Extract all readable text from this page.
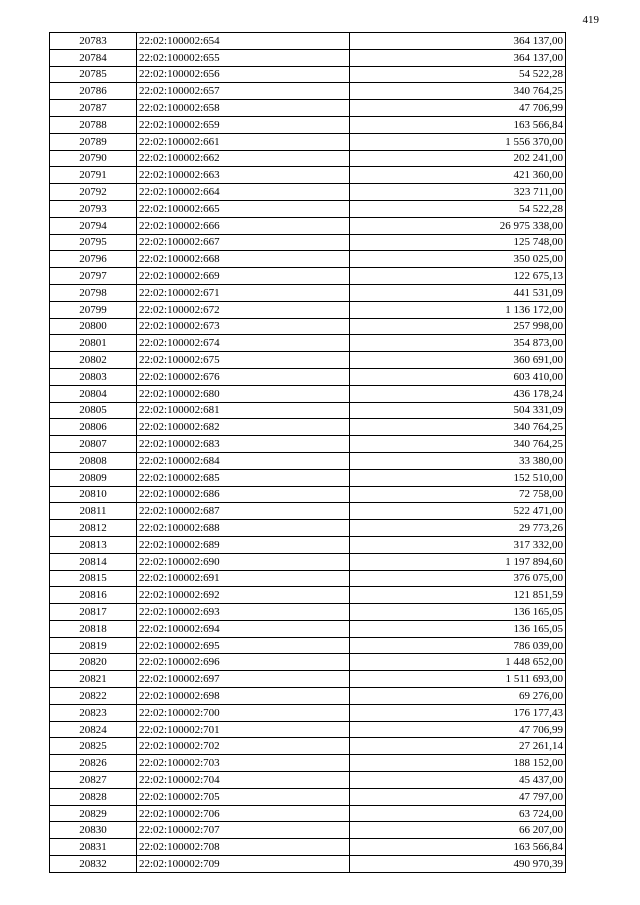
419
20783	22:02:100002:654	364 137,00
20784	22:02:100002:655	364 137,00
20785	22:02:100002:656	54 522,28
20786	22:02:100002:657	340 764,25
20787	22:02:100002:658	47 706,99
20788	22:02:100002:659	163 566,84
20789	22:02:100002:661	1 556 370,00
20790	22:02:100002:662	202 241,00
20791	22:02:100002:663	421 360,00
20792	22:02:100002:664	323 711,00
20793	22:02:100002:665	54 522,28
20794	22:02:100002:666	26 975 338,00
20795	22:02:100002:667	125 748,00
20796	22:02:100002:668	350 025,00
20797	22:02:100002:669	122 675,13
20798	22:02:100002:671	441 531,09
20799	22:02:100002:672	1 136 172,00
20800	22:02:100002:673	257 998,00
20801	22:02:100002:674	354 873,00
20802	22:02:100002:675	360 691,00
20803	22:02:100002:676	603 410,00
20804	22:02:100002:680	436 178,24
20805	22:02:100002:681	504 331,09
20806	22:02:100002:682	340 764,25
20807	22:02:100002:683	340 764,25
20808	22:02:100002:684	33 380,00
20809	22:02:100002:685	152 510,00
20810	22:02:100002:686	72 758,00
20811	22:02:100002:687	522 471,00
20812	22:02:100002:688	29 773,26
20813	22:02:100002:689	317 332,00
20814	22:02:100002:690	1 197 894,60
20815	22:02:100002:691	376 075,00
20816	22:02:100002:692	121 851,59
20817	22:02:100002:693	136 165,05
20818	22:02:100002:694	136 165,05
20819	22:02:100002:695	786 039,00
20820	22:02:100002:696	1 448 652,00
20821	22:02:100002:697	1 511 693,00
20822	22:02:100002:698	69 276,00
20823	22:02:100002:700	176 177,43
20824	22:02:100002:701	47 706,99
20825	22:02:100002:702	27 261,14
20826	22:02:100002:703	188 152,00
20827	22:02:100002:704	45 437,00
20828	22:02:100002:705	47 797,00
20829	22:02:100002:706	63 724,00
20830	22:02:100002:707	66 207,00
20831	22:02:100002:708	163 566,84
20832	22:02:100002:709	490 970,39
